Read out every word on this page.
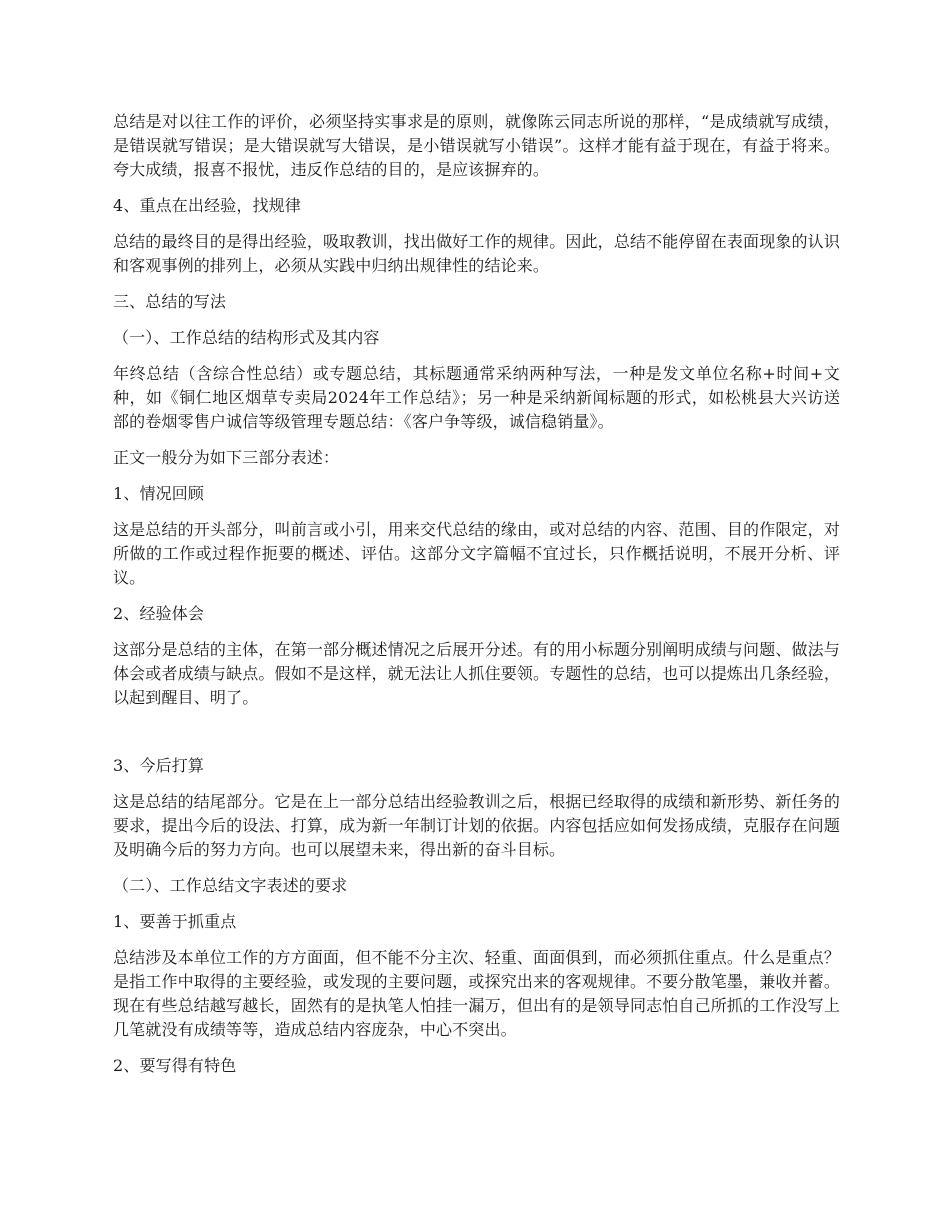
总结是对以往工作的评价，必须坚持实事求是的原则，就像陈云同志所说的那样，“是成绩就写成绩，是错误就写错误；是大错误就写大错误，是小错误就写小错误”。这样才能有益于现在，有益于将来。夸大成绩，报喜不报忧，违反作总结的目的，是应该摒弃的。

4、重点在出经验，找规律

总结的最终目的是得出经验，吸取教训，找出做好工作的规律。因此，总结不能停留在表面现象的认识和客观事例的排列上，必须从实践中归纳出规律性的结论来。

三、总结的写法

（一）、工作总结的结构形式及其内容

年终总结（含综合性总结）或专题总结，其标题通常采纳两种写法，一种是发文单位名称+时间+文种，如《铜仁地区烟草专卖局2024年工作总结》；另一种是采纳新闻标题的形式，如松桃县大兴访送部的卷烟零售户诚信等级管理专题总结：《客户争等级，诚信稳销量》。

正文一般分为如下三部分表述：

1、情况回顾

这是总结的开头部分，叫前言或小引，用来交代总结的缘由，或对总结的内容、范围、目的作限定，对所做的工作或过程作扼要的概述、评估。这部分文字篇幅不宜过长，只作概括说明，不展开分析、评议。

2、经验体会

这部分是总结的主体，在第一部分概述情况之后展开分述。有的用小标题分别阐明成绩与问题、做法与体会或者成绩与缺点。假如不是这样，就无法让人抓住要领。专题性的总结，也可以提炼出几条经验，以起到醒目、明了。

3、今后打算

这是总结的结尾部分。它是在上一部分总结出经验教训之后，根据已经取得的成绩和新形势、新任务的要求，提出今后的设法、打算，成为新一年制订计划的依据。内容包括应如何发扬成绩，克服存在问题及明确今后的努力方向。也可以展望未来，得出新的奋斗目标。

（二）、工作总结文字表述的要求

1、要善于抓重点

总结涉及本单位工作的方方面面，但不能不分主次、轻重、面面俱到，而必须抓住重点。什么是重点？是指工作中取得的主要经验，或发现的主要问题，或探究出来的客观规律。不要分散笔墨，兼收并蓄。现在有些总结越写越长，固然有的是执笔人怕挂一漏万，但出有的是领导同志怕自己所抓的工作没写上几笔就没有成绩等等，造成总结内容庞杂，中心不突出。

2、要写得有特色
